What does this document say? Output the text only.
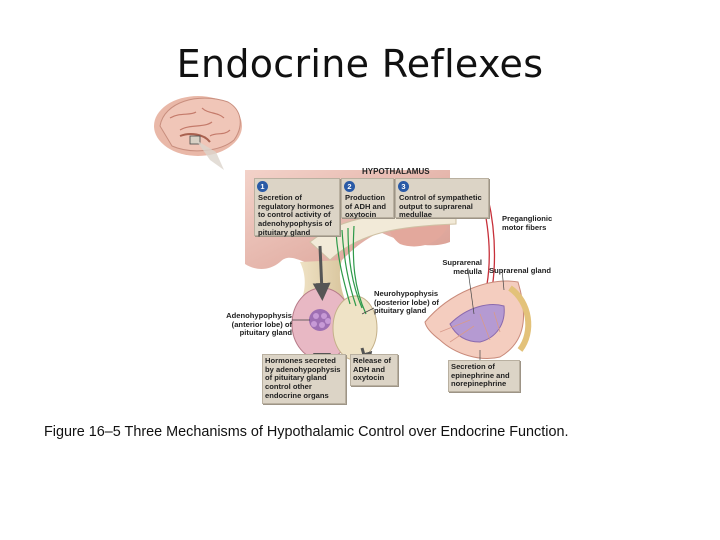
Endocrine Reflexes
HYPOTHALAMUS
1
Secretion of regulatory hormones to control activity of adenohypophysis of pituitary gland
2
Production of ADH and oxytocin
3
Control of sympathetic output to suprarenal medullae	Preganglionic motor fibers
Suprarenal medulla Suprarenal gland
Neurohypophysis (posterior lobe) of pituitary gland
Adenohypophysis (anterior lobe) of pituitary gland
Hormones secreted by adenohypophysis of pituitary gland control other endocrine organs
Release of ADH and oxytocin
Secretion of epinephrine and norepinephrine
Figure 16–5 Three Mechanisms of Hypothalamic Control over Endocrine Function.
